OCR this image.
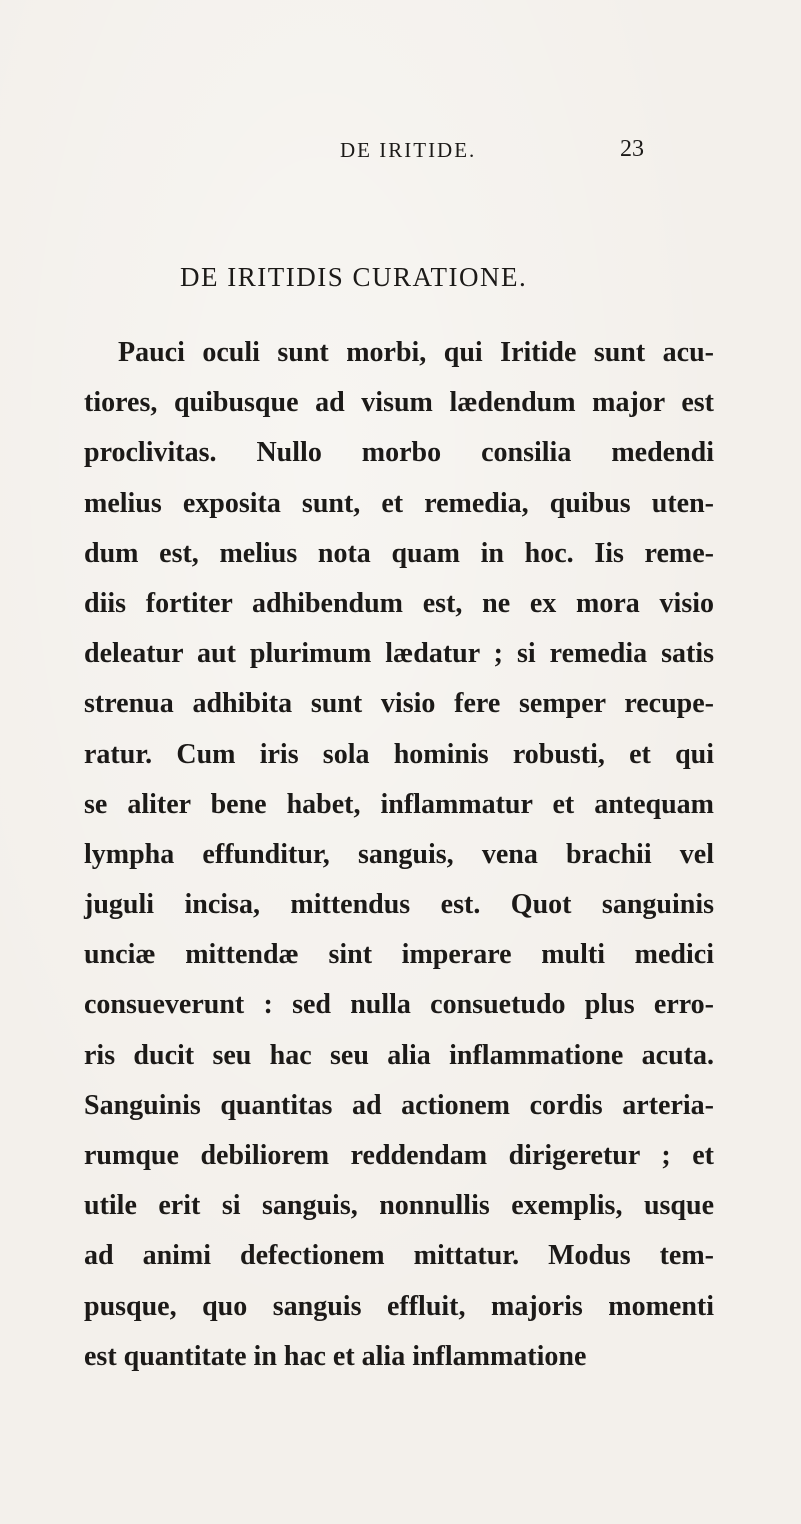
DE IRITIDE.	23
DE IRITIDIS CURATIONE.
Pauci oculi sunt morbi, qui Iritide sunt acu-
tiores, quibusque ad visum lædendum major est
proclivitas. Nullo morbo consilia medendi
melius exposita sunt, et remedia, quibus uten-
dum est, melius nota quam in hoc. Iis reme-
diis fortiter adhibendum est, ne ex mora visio
deleatur aut plurimum lædatur ; si remedia satis
strenua adhibita sunt visio fere semper recupe-
ratur. Cum iris sola hominis robusti, et qui
se aliter bene habet, inflammatur et antequam
lympha effunditur, sanguis, vena brachii vel
juguli incisa, mittendus est. Quot sanguinis
unciæ mittendæ sint imperare multi medici
consueverunt : sed nulla consuetudo plus erro-
ris ducit seu hac seu alia inflammatione acuta.
Sanguinis quantitas ad actionem cordis arteria-
rumque debiliorem reddendam dirigeretur ; et
utile erit si sanguis, nonnullis exemplis, usque
ad animi defectionem mittatur. Modus tem-
pusque, quo sanguis effluit, majoris momenti
est quantitate in hac et alia inflammatione
